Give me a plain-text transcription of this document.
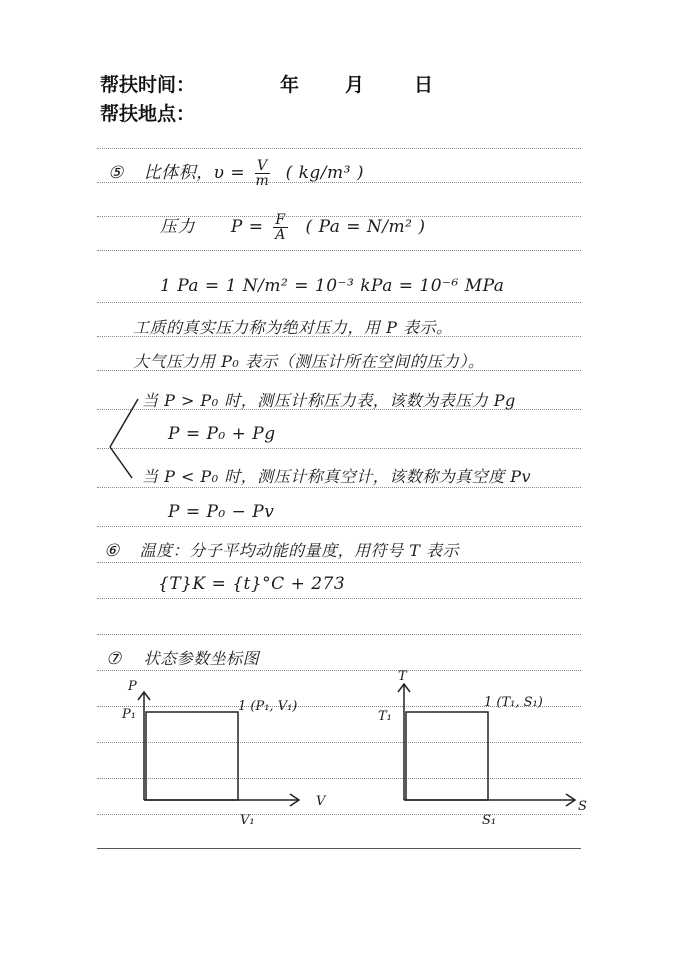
帮扶时间：	年 月	日
帮扶地点：
⑤ 比体积，$\upsilon = \frac{V}{m}$ ( kg/m³ )
压力 $P = \frac{F}{A}$ ( Pa = N/m² )
1 Pa = 1 N/m² = 10⁻³ kPa = 10⁻⁶ MPa
工质的真实压力称为绝对压力，用 P 表示。
大气压力用 P₀ 表示（测压计所在空间的压力）。
当 P > P₀ 时，测压计称压力表，该数为表压力 Pg
P = P₀ + Pg
当 P < P₀ 时，测压计称真空计，该数称为真空度 Pv
P = P₀ − Pv
⑥ 温度：分子平均动能的量度，用符号 T 表示
{T}K = {t}°C + 273
⑦ 状态参数坐标图
P
V
P₁
V₁
1 (P₁, V₁)
T
S
T₁
S₁
1 (T₁, S₁)
